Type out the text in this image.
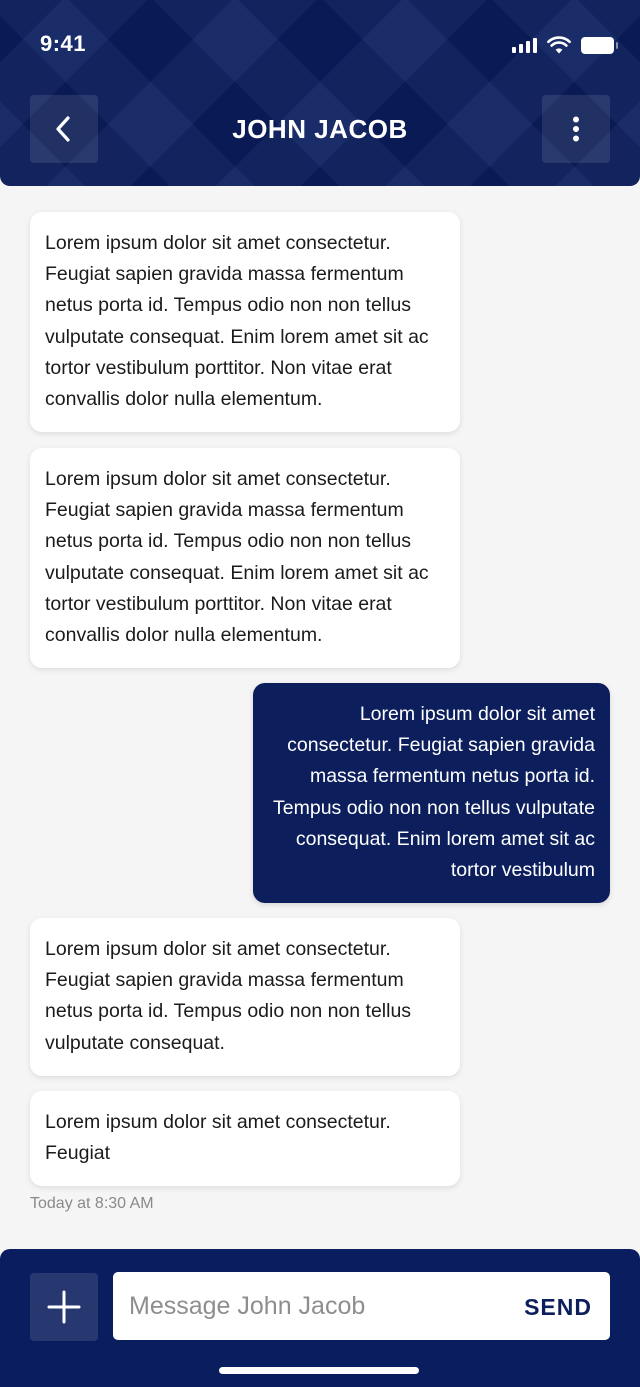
9:41
JOHN JACOB
Lorem ipsum dolor sit amet consectetur. Feugiat sapien gravida massa fermentum netus porta id. Tempus odio non non tellus vulputate consequat. Enim lorem amet sit ac tortor vestibulum porttitor. Non vitae erat convallis dolor nulla elementum.
Lorem ipsum dolor sit amet consectetur. Feugiat sapien gravida massa fermentum netus porta id. Tempus odio non non tellus vulputate consequat. Enim lorem amet sit ac tortor vestibulum porttitor. Non vitae erat convallis dolor nulla elementum.
Lorem ipsum dolor sit amet consectetur. Feugiat sapien gravida massa fermentum netus porta id. Tempus odio non non tellus vulputate consequat. Enim lorem amet sit ac tortor vestibulum
Lorem ipsum dolor sit amet consectetur. Feugiat sapien gravida massa fermentum netus porta id. Tempus odio non non tellus vulputate consequat.
Lorem ipsum dolor sit amet consectetur. Feugiat
Today at 8:30 AM
Message John Jacob
SEND
